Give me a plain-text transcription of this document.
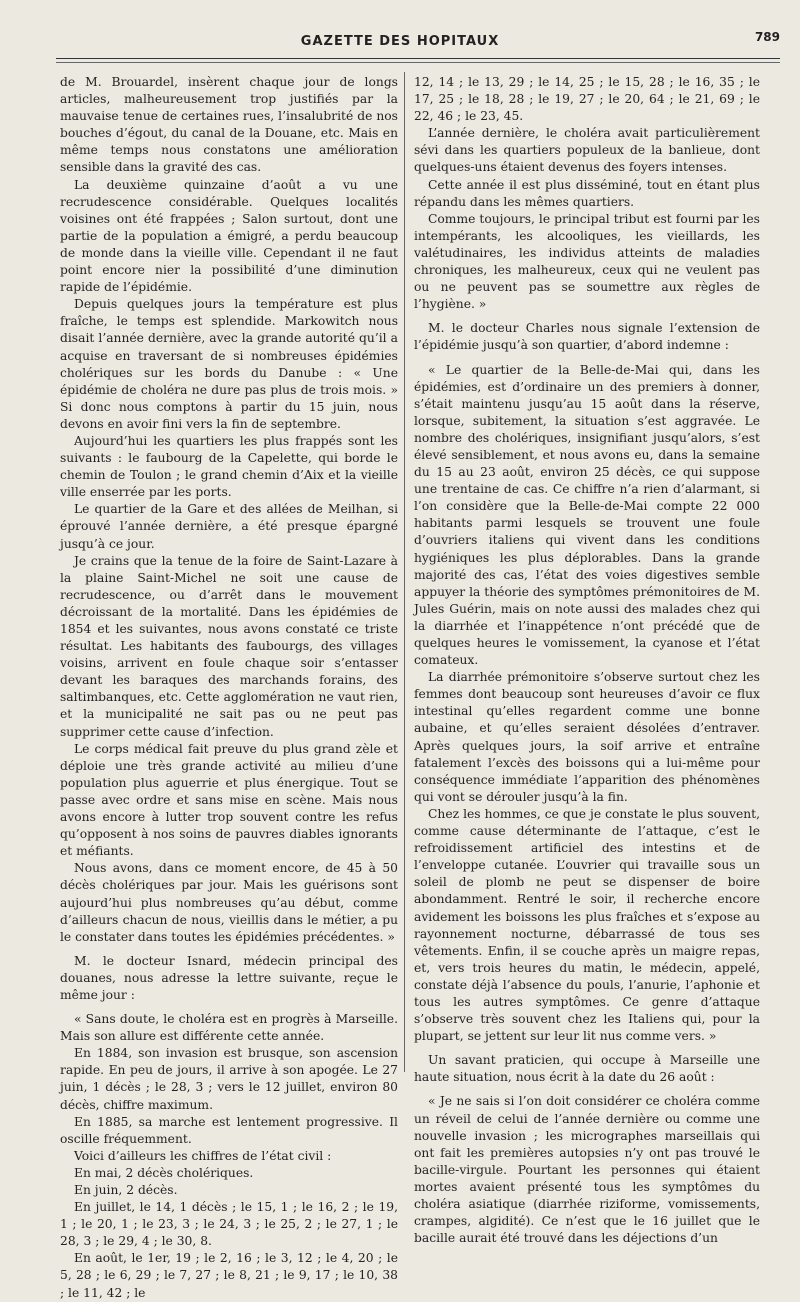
GAZETTE DES HOPITAUX	789

de M. Brouardel, insèrent chaque jour de longs articles, malheureusement trop justifiés par la mauvaise tenue de certaines rues, l’insalubrité de nos bouches d’égout, du canal de la Douane, etc. Mais en même temps nous constatons une amélioration sensible dans la gravité des cas.

La deuxième quinzaine d’août a vu une recrudescence considérable. Quelques localités voisines ont été frappées ; Salon surtout, dont une partie de la population a émigré, a perdu beaucoup de monde dans la vieille ville. Cependant il ne faut point encore nier la possibilité d’une diminution rapide de l’épidémie.

Depuis quelques jours la température est plus fraîche, le temps est splendide. Markowitch nous disait l’année dernière, avec la grande autorité qu’il a acquise en traversant de si nombreuses épidémies cholériques sur les bords du Danube : « Une épidémie de choléra ne dure pas plus de trois mois. » Si donc nous comptons à partir du 15 juin, nous devons en avoir fini vers la fin de septembre.

Aujourd’hui les quartiers les plus frappés sont les suivants : le faubourg de la Capelette, qui borde le chemin de Toulon ; le grand chemin d’Aix et la vieille ville enserrée par les ports.

Le quartier de la Gare et des allées de Meilhan, si éprouvé l’année dernière, a été presque épargné jusqu’à ce jour.

Je crains que la tenue de la foire de Saint-Lazare à la plaine Saint-Michel ne soit une cause de recrudescence, ou d’arrêt dans le mouvement décroissant de la mortalité. Dans les épidémies de 1854 et les suivantes, nous avons constaté ce triste résultat. Les habitants des faubourgs, des villages voisins, arrivent en foule chaque soir s’entasser devant les baraques des marchands forains, des saltimbanques, etc. Cette agglomération ne vaut rien, et la municipalité ne sait pas ou ne peut pas supprimer cette cause d’infection.

Le corps médical fait preuve du plus grand zèle et déploie une très grande activité au milieu d’une population plus aguerrie et plus énergique. Tout se passe avec ordre et sans mise en scène. Mais nous avons encore à lutter trop souvent contre les refus qu’opposent à nos soins de pauvres diables ignorants et méfiants.

Nous avons, dans ce moment encore, de 45 à 50 décès cholériques par jour. Mais les guérisons sont aujourd’hui plus nombreuses qu’au début, comme d’ailleurs chacun de nous, vieillis dans le métier, a pu le constater dans toutes les épidémies précédentes. »

M. le docteur Isnard, médecin principal des douanes, nous adresse la lettre suivante, reçue le même jour :

« Sans doute, le choléra est en progrès à Marseille. Mais son allure est différente cette année.

En 1884, son invasion est brusque, son ascension rapide. En peu de jours, il arrive à son apogée. Le 27 juin, 1 décès ; le 28, 3 ; vers le 12 juillet, environ 80 décès, chiffre maximum.

En 1885, sa marche est lentement progressive. Il oscille fréquemment.

Voici d’ailleurs les chiffres de l’état civil :

En mai, 2 décès cholériques.

En juin, 2 décès.

En juillet, le 14, 1 décès ; le 15, 1 ; le 16, 2 ; le 19, 1 ; le 20, 1 ; le 23, 3 ; le 24, 3 ; le 25, 2 ; le 27, 1 ; le 28, 3 ; le 29, 4 ; le 30, 8.

En août, le 1er, 19 ; le 2, 16 ; le 3, 12 ; le 4, 20 ; le 5, 28 ; le 6, 29 ; le 7, 27 ; le 8, 21 ; le 9, 17 ; le 10, 38 ; le 11, 42 ; le

12, 14 ; le 13, 29 ; le 14, 25 ; le 15, 28 ; le 16, 35 ; le 17, 25 ; le 18, 28 ; le 19, 27 ; le 20, 64 ; le 21, 69 ; le 22, 46 ; le 23, 45.

L’année dernière, le choléra avait particulièrement sévi dans les quartiers populeux de la banlieue, dont quelques-uns étaient devenus des foyers intenses.

Cette année il est plus disséminé, tout en étant plus répandu dans les mêmes quartiers.

Comme toujours, le principal tribut est fourni par les intempérants, les alcooliques, les vieillards, les valétudinaires, les individus atteints de maladies chroniques, les malheureux, ceux qui ne veulent pas ou ne peuvent pas se soumettre aux règles de l’hygiène. »

M. le docteur Charles nous signale l’extension de l’épidémie jusqu’à son quartier, d’abord indemne :

« Le quartier de la Belle-de-Mai qui, dans les épidémies, est d’ordinaire un des premiers à donner, s’était maintenu jusqu’au 15 août dans la réserve, lorsque, subitement, la situation s’est aggravée. Le nombre des cholériques, insignifiant jusqu’alors, s’est élevé sensiblement, et nous avons eu, dans la semaine du 15 au 23 août, environ 25 décès, ce qui suppose une trentaine de cas. Ce chiffre n’a rien d’alarmant, si l’on considère que la Belle-de-Mai compte 22 000 habitants parmi lesquels se trouvent une foule d’ouvriers italiens qui vivent dans les conditions hygiéniques les plus déplorables. Dans la grande majorité des cas, l’état des voies digestives semble appuyer la théorie des symptômes prémonitoires de M. Jules Guérin, mais on note aussi des malades chez qui la diarrhée et l’inappétence n’ont précédé que de quelques heures le vomissement, la cyanose et l’état comateux.

La diarrhée prémonitoire s’observe surtout chez les femmes dont beaucoup sont heureuses d’avoir ce flux intestinal qu’elles regardent comme une bonne aubaine, et qu’elles seraient désolées d’entraver. Après quelques jours, la soif arrive et entraîne fatalement l’excès des boissons qui a lui-même pour conséquence immédiate l’apparition des phénomènes qui vont se dérouler jusqu’à la fin.

Chez les hommes, ce que je constate le plus souvent, comme cause déterminante de l’attaque, c’est le refroidissement artificiel des intestins et de l’enveloppe cutanée. L’ouvrier qui travaille sous un soleil de plomb ne peut se dispenser de boire abondamment. Rentré le soir, il recherche encore avidement les boissons les plus fraîches et s’expose au rayonnement nocturne, débarrassé de tous ses vêtements. Enfin, il se couche après un maigre repas, et, vers trois heures du matin, le médecin, appelé, constate déjà l’absence du pouls, l’anurie, l’aphonie et tous les autres symptômes. Ce genre d’attaque s’observe très souvent chez les Italiens qui, pour la plupart, se jettent sur leur lit nus comme vers. »

Un savant praticien, qui occupe à Marseille une haute situation, nous écrit à la date du 26 août :

« Je ne sais si l’on doit considérer ce choléra comme un réveil de celui de l’année dernière ou comme une nouvelle invasion ; les micrographes marseillais qui ont fait les premières autopsies n’y ont pas trouvé le bacille-virgule. Pourtant les personnes qui étaient mortes avaient présenté tous les symptômes du choléra asiatique (diarrhée riziforme, vomissements, crampes, algidité). Ce n’est que le 16 juillet que le bacille aurait été trouvé dans les déjections d’un
